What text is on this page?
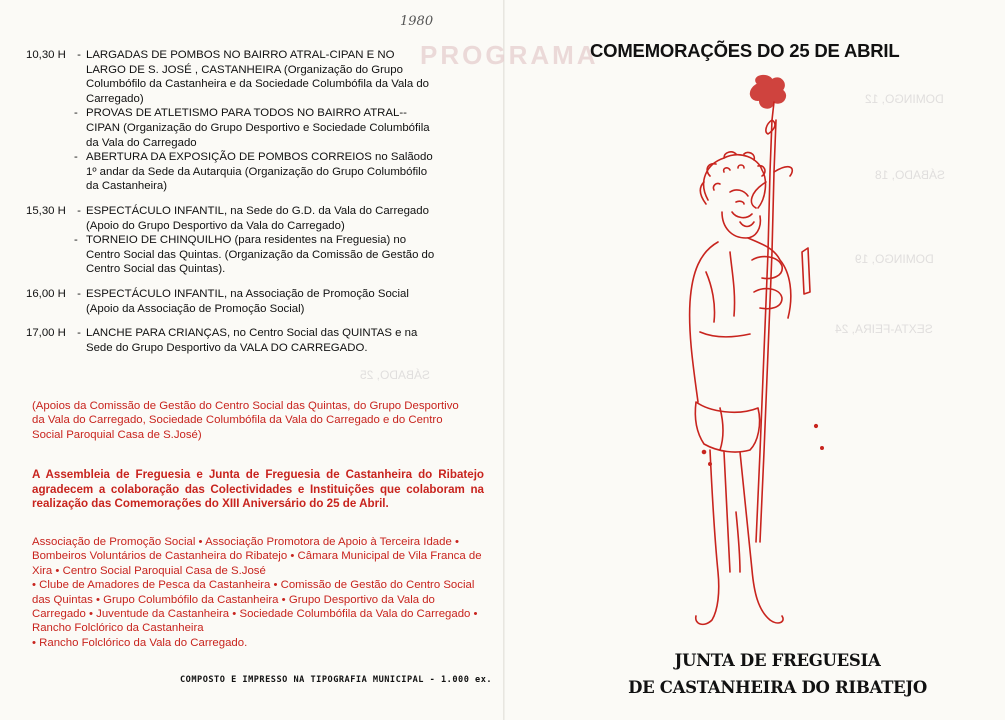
PROGRAMA
DOMINGO, 12
SÁBADO, 18
DOMINGO, 19
SEXTA-FEIRA, 24
SÁBADO, 25
1980
10,30 H - LARGADAS DE POMBOS NO BAIRRO ATRAL-CIPAN E NO LARGO DE S. JOSÉ , CASTANHEIRA (Organização do Grupo Columbófilo da Castanheira e da Sociedade Columbófila da Vala do Carregado)
- PROVAS DE ATLETISMO PARA TODOS NO BAIRRO ATRAL-- CIPAN (Organização do Grupo Desportivo e Sociedade Columbófila da Vala do Carregado
- ABERTURA DA EXPOSIÇÃO DE POMBOS CORREIOS no Salãodo 1º andar da Sede da Autarquia (Organização do Grupo Columbófilo da Castanheira)
15,30 H - ESPECTÁCULO INFANTIL, na Sede do G.D. da Vala do Carregado (Apoio do Grupo Desportivo da Vala do Carregado)
- TORNEIO DE CHINQUILHO (para residentes na Freguesia) no Centro Social das Quintas. (Organização da Comissão de Gestão do Centro Social das Quintas).
16,00 H - ESPECTÁCULO INFANTIL, na Associação de Promoção Social (Apoio da Associação de Promoção Social)
17,00 H - LANCHE PARA CRIANÇAS, no Centro Social das QUINTAS e na Sede do Grupo Desportivo da VALA DO CARREGADO.
(Apoios da Comissão de Gestão do Centro Social das Quintas, do Grupo Desportivo da Vala do Carregado, Sociedade Columbófila da Vala do Carregado e do Centro Social Paroquial Casa de S.José)
A Assembleia de Freguesia e Junta de Freguesia de Castanheira do Ribatejo agradecem a colaboração das Colectividades e Instituições que colaboram na realização das Comemorações do XIII Aniversário do 25 de Abril.
Associação de Promoção Social • Associação Promotora de Apoio à Terceira Idade • Bombeiros Voluntários de Castanheira do Ribatejo • Câmara Municipal de Vila Franca de Xira • Centro Social Paroquial Casa de S.José
• Clube de Amadores de Pesca da Castanheira • Comissão de Gestão do Centro Social das Quintas • Grupo Columbófilo da Castanheira • Grupo Desportivo da Vala do Carregado • Juventude da Castanheira • Sociedade Columbófila da Vala do Carregado • Rancho Folclórico da Castanheira
• Rancho Folclórico da Vala do Carregado.
COMPOSTO E IMPRESSO NA TIPOGRAFIA MUNICIPAL - 1.000 ex.
COMEMORAÇÕES DO 25 DE ABRIL
JUNTA DE FREGUESIA
DE CASTANHEIRA DO RIBATEJO
